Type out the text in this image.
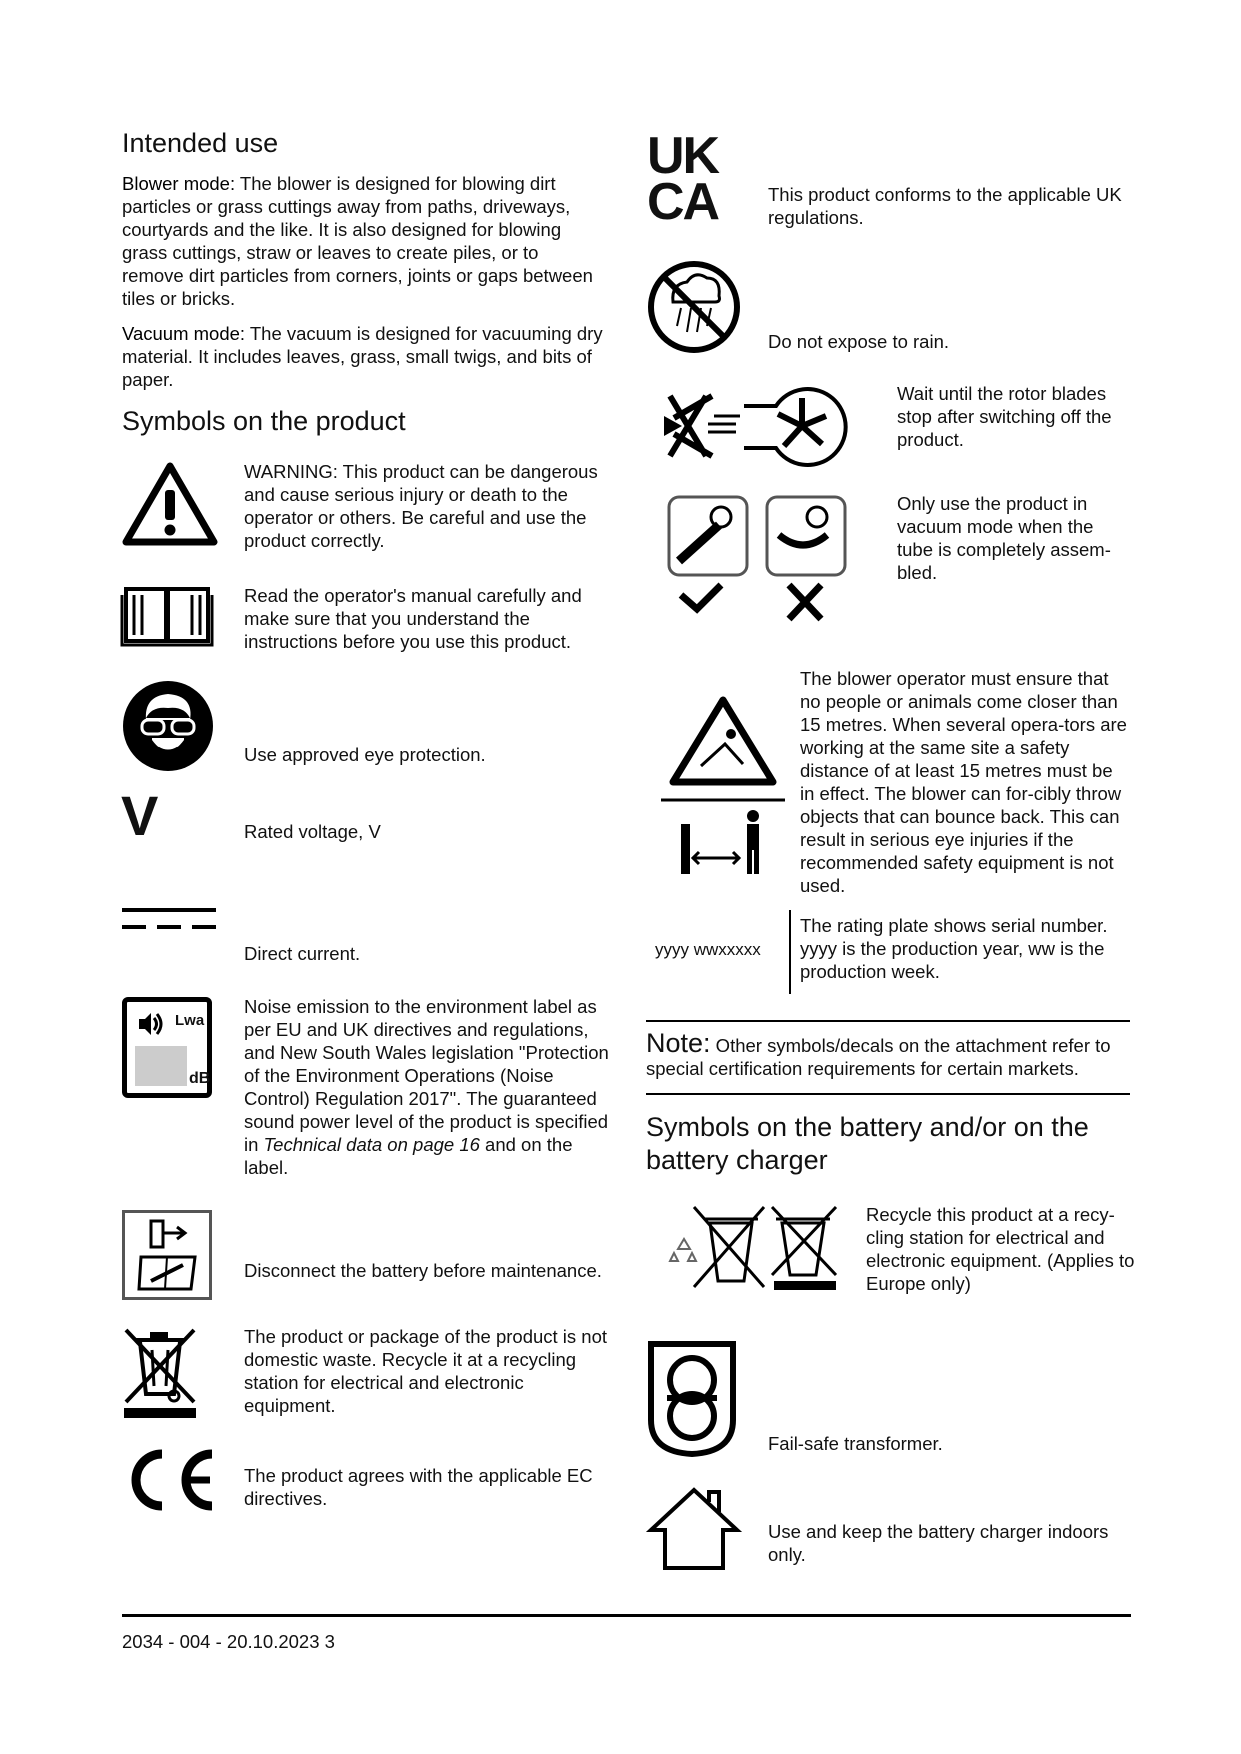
Intended use
Blower mode: The blower is designed for blowing dirt particles or grass cuttings away from paths, driveways, courtyards and the like. It is also designed for blowing grass cuttings, straw or leaves to create piles, or to remove dirt particles from corners, joints or gaps between tiles or bricks.
Vacuum mode: The vacuum is designed for vacuuming dry material. It includes leaves, grass, small twigs, and bits of paper.
Symbols on the product
WARNING: This product can be dangerous and cause serious injury or death to the operator or others. Be careful and use the product correctly.
Read the operator's manual carefully and make sure that you understand the instructions before you use this product.
Use approved eye protection.
V	Rated voltage, V
Direct current.
Lwa
dB
Noise emission to the environment label as per EU and UK directives and regulations, and New South Wales legislation "Protection of the Environment Operations (Noise Control) Regulation 2017". The guaranteed sound power level of the product is specified in Technical data on page 16 and on the label.
Disconnect the battery before maintenance.
The product or package of the product is not domestic waste. Recycle it at a recycling station for electrical and electronic equipment.
The product agrees with the applicable EC directives.
UK
CA	This product conforms to the applicable UK regulations.
Do not expose to rain.
Wait until the rotor blades stop after switching off the product.
Only use the product in vacuum mode when the tube is completely assem-bled.
The blower operator must ensure that no people or animals come closer than 15 metres. When several opera-tors are working at the same site a safety distance of at least 15 metres must be in effect. The blower can for-cibly throw objects that can bounce back. This can result in serious eye injuries if the recommended safety equipment is not used.
yyyy wwxxxxx
The rating plate shows serial number. yyyy is the production year, ww is the production week.
Note: Other symbols/decals on the attachment refer to special certification requirements for certain markets.
Symbols on the battery and/or on the battery charger
Recycle this product at a recy-cling station for electrical and electronic equipment. (Applies to Europe only)
Fail-safe transformer.
Use and keep the battery charger indoors only.
2034 - 004 - 20.10.2023 3
